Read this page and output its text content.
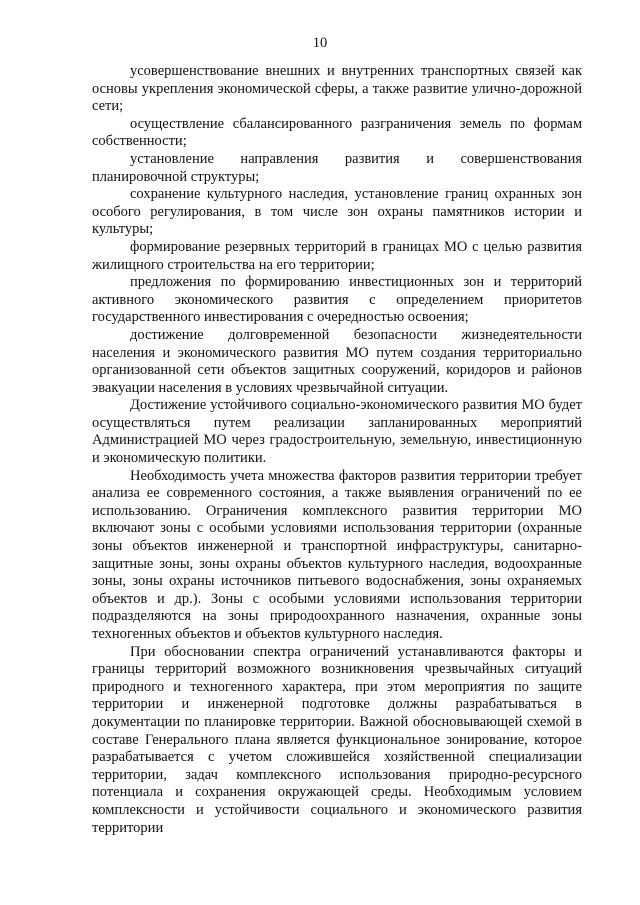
10

усовершенствование внешних и внутренних транспортных связей как основы укрепления экономической сферы, а также развитие улично-дорожной сети;

осуществление сбалансированного разграничения земель по формам собственности;

установление направления развития и совершенствования планировочной структуры;

сохранение культурного наследия, установление границ охранных зон особого регулирования, в том числе зон охраны памятников истории и культуры;

формирование резервных территорий в границах МО с целью развития жилищного строительства на его территории;

предложения по формированию инвестиционных зон и территорий активного экономического развития с определением приоритетов государственного инвестирования с очередностью освоения;

достижение долговременной безопасности жизнедеятельности населения и экономического развития МО путем создания территориально организованной сети объектов защитных сооружений, коридоров и районов эвакуации населения в условиях чрезвычайной ситуации.

Достижение устойчивого социально-экономического развития МО будет осуществляться путем реализации запланированных мероприятий Администрацией МО через градостроительную, земельную, инвестиционную и экономическую политики.

Необходимость учета множества факторов развития территории требует анализа ее современного состояния, а также выявления ограничений по ее использованию. Ограничения комплексного развития территории МО включают зоны с особыми условиями использования территории (охранные зоны объектов инженерной и транспортной инфраструктуры, санитарно-защитные зоны, зоны охраны объектов культурного наследия, водоохранные зоны, зоны охраны источников питьевого водоснабжения, зоны охраняемых объектов и др.). Зоны с особыми условиями использования территории подразделяются на зоны природоохранного назначения, охранные зоны техногенных объектов и объектов культурного наследия.

При обосновании спектра ограничений устанавливаются факторы и границы территорий возможного возникновения чрезвычайных ситуаций природного и техногенного характера, при этом мероприятия по защите территории и инженерной подготовке должны разрабатываться в документации по планировке территории. Важной обосновывающей схемой в составе Генерального плана является функциональное зонирование, которое разрабатывается с учетом сложившейся хозяйственной специализации территории, задач комплексного использования природно-ресурсного потенциала и сохранения окружающей среды. Необходимым условием комплексности и устойчивости социального и экономического развития территории
